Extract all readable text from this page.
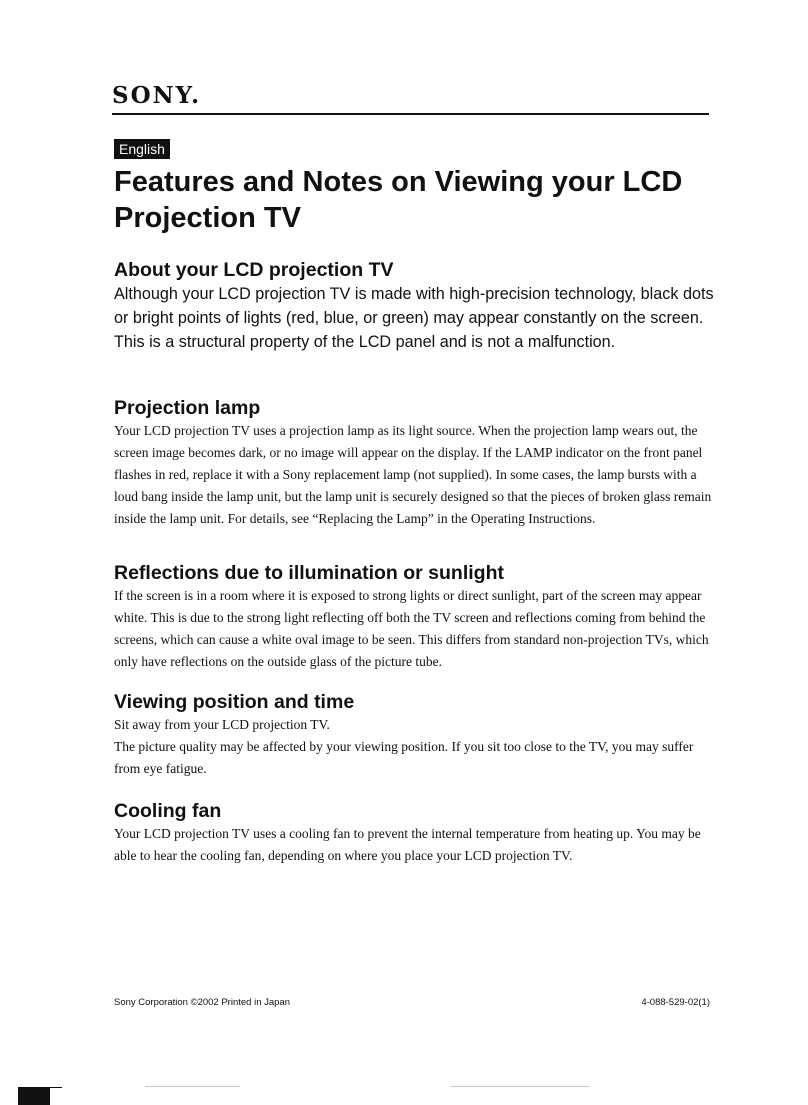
SONY.
English
Features and Notes on Viewing your LCD Projection TV
About your LCD projection TV

Although your LCD projection TV is made with high-precision technology, black dots or bright points of lights (red, blue, or green) may appear constantly on the screen. This is a structural property of the LCD panel and is not a malfunction.

Projection lamp

Your LCD projection TV uses a projection lamp as its light source. When the projection lamp wears out, the screen image becomes dark, or no image will appear on the display. If the LAMP indicator on the front panel flashes in red, replace it with a Sony replacement lamp (not supplied). In some cases, the lamp bursts with a loud bang inside the lamp unit, but the lamp unit is securely designed so that the pieces of broken glass remain inside the lamp unit. For details, see “Replacing the Lamp” in the Operating Instructions.

Reflections due to illumination or sunlight

If the screen is in a room where it is exposed to strong lights or direct sunlight, part of the screen may appear white. This is due to the strong light reflecting off both the TV screen and reflections coming from behind the screens, which can cause a white oval image to be seen. This differs from standard non-projection TVs, which only have reflections on the outside glass of the picture tube.

Viewing position and time

Sit away from your LCD projection TV.

The picture quality may be affected by your viewing position. If you sit too close to the TV, you may suffer from eye fatigue.

Cooling fan

Your LCD projection TV uses a cooling fan to prevent the internal temperature from heating up. You may be able to hear the cooling fan, depending on where you place your LCD projection TV.

Sony Corporation ©2002 Printed in Japan	4-088-529-02(1)
